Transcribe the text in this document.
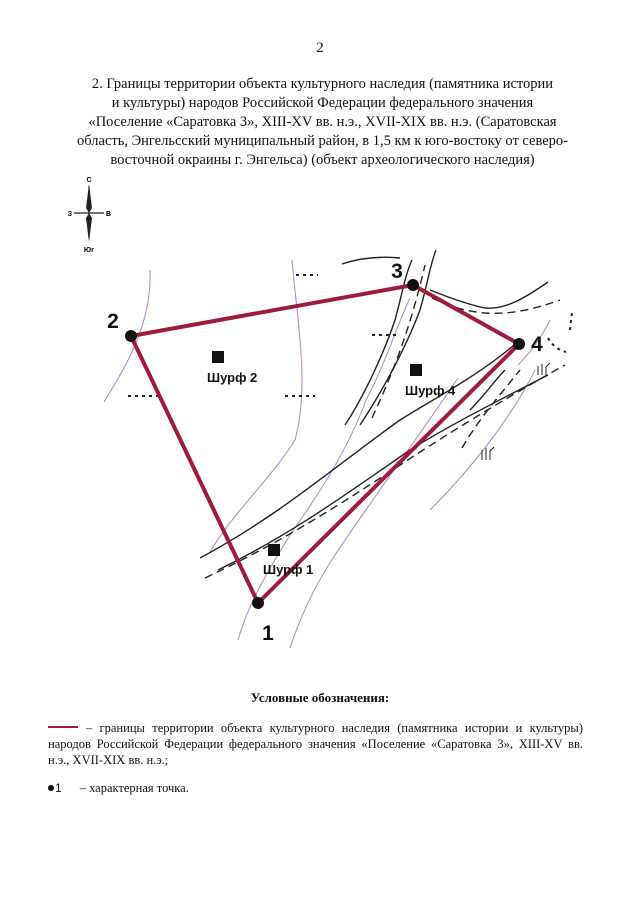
2
2. Границы территории объекта культурного наследия (памятника истории
и культуры) народов Российской Федерации федерального значения
«Поселение «Саратовка 3», XIII-XV вв. н.э., XVII-XIX вв. н.э. (Саратовская
область, Энгельсский муниципальный район, в 1,5 км к юго-востоку от северо-
восточной окраины г. Энгельса) (объект археологического наследия)
С
З	В
Юг
1
2
3
4
Шурф 2
Шурф 4
Шурф 1
Условные обозначения:
– границы территории объекта культурного наследия (памятника истории и культуры) народов Российской Федерации федерального значения «Поселение «Саратовка 3», XIII-XV вв. н.э., XVII-XIX вв. н.э.;
1 – характерная точка.
